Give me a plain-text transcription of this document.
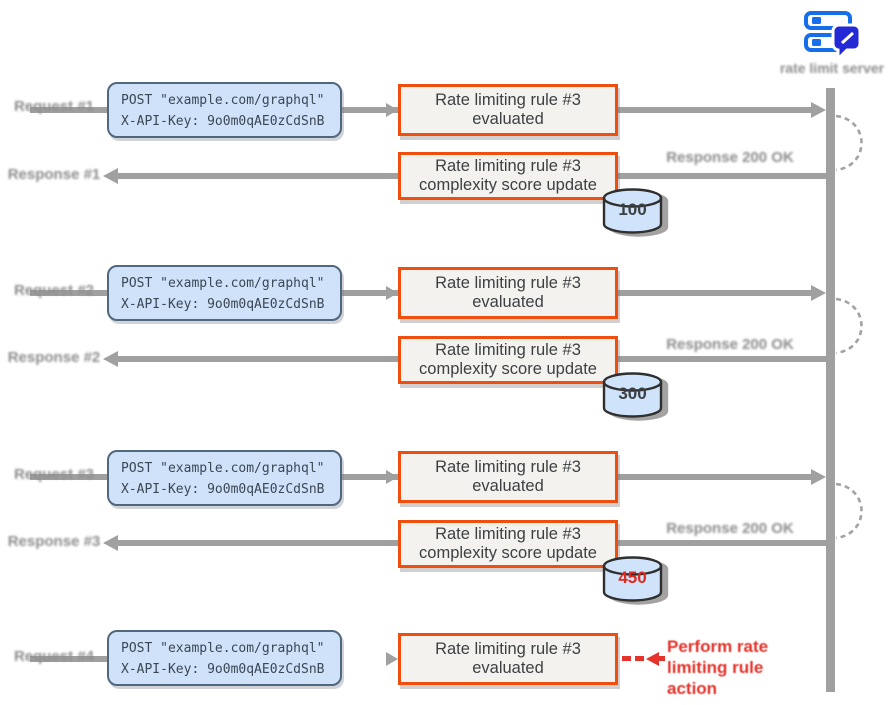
rate limit server
Request #1	POST "example.com/graphql"
X-API-Key: 9o0m0qAE0zCdSnB
Rate limiting rule #3 evaluated
Response #1
Response 200 OK
Rate limiting rule #3 complexity score update
100
Request #2	POST "example.com/graphql"
X-API-Key: 9o0m0qAE0zCdSnB
Rate limiting rule #3 evaluated
Response #2
Response 200 OK
Rate limiting rule #3 complexity score update
300
Request #3	POST "example.com/graphql"
X-API-Key: 9o0m0qAE0zCdSnB
Rate limiting rule #3 evaluated
Response #3
Response 200 OK
Rate limiting rule #3 complexity score update
450
Request #4	POST "example.com/graphql"
X-API-Key: 9o0m0qAE0zCdSnB
Rate limiting rule #3 evaluated
Perform rate limiting rule action
